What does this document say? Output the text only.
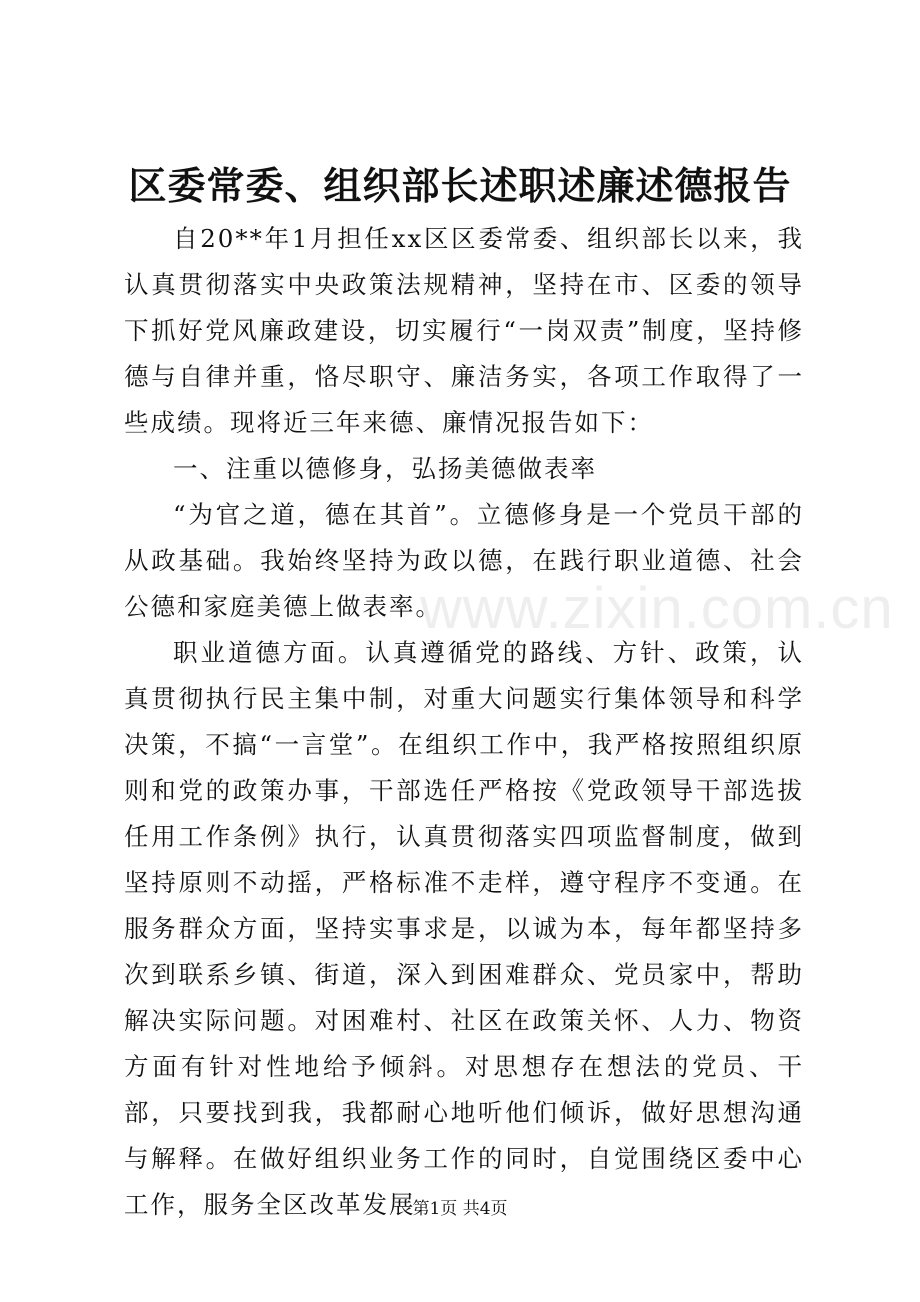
区委常委、组织部长述职述廉述德报告

自20**年1月担任xx区区委常委、组织部长以来，我认真贯彻落实中央政策法规精神，坚持在市、区委的领导下抓好党风廉政建设，切实履行“一岗双责”制度，坚持修德与自律并重，恪尽职守、廉洁务实，各项工作取得了一些成绩。现将近三年来德、廉情况报告如下：

一、注重以德修身，弘扬美德做表率

“为官之道，德在其首”。立德修身是一个党员干部的从政基础。我始终坚持为政以德，在践行职业道德、社会公德和家庭美德上做表率。

职业道德方面。认真遵循党的路线、方针、政策，认真贯彻执行民主集中制，对重大问题实行集体领导和科学决策，不搞“一言堂”。在组织工作中，我严格按照组织原则和党的政策办事，干部选任严格按《党政领导干部选拔任用工作条例》执行，认真贯彻落实四项监督制度，做到坚持原则不动摇，严格标准不走样，遵守程序不变通。在服务群众方面，坚持实事求是，以诚为本，每年都坚持多次到联系乡镇、街道，深入到困难群众、党员家中，帮助解决实际问题。对困难村、社区在政策关怀、人力、物资方面有针对性地给予倾斜。对思想存在想法的党员、干部，只要找到我，我都耐心地听他们倾诉，做好思想沟通与解释。在做好组织业务工作的同时，自觉围绕区委中心工作，服务全区改革发展

www.zixin.com.cn
第1页 共4页
